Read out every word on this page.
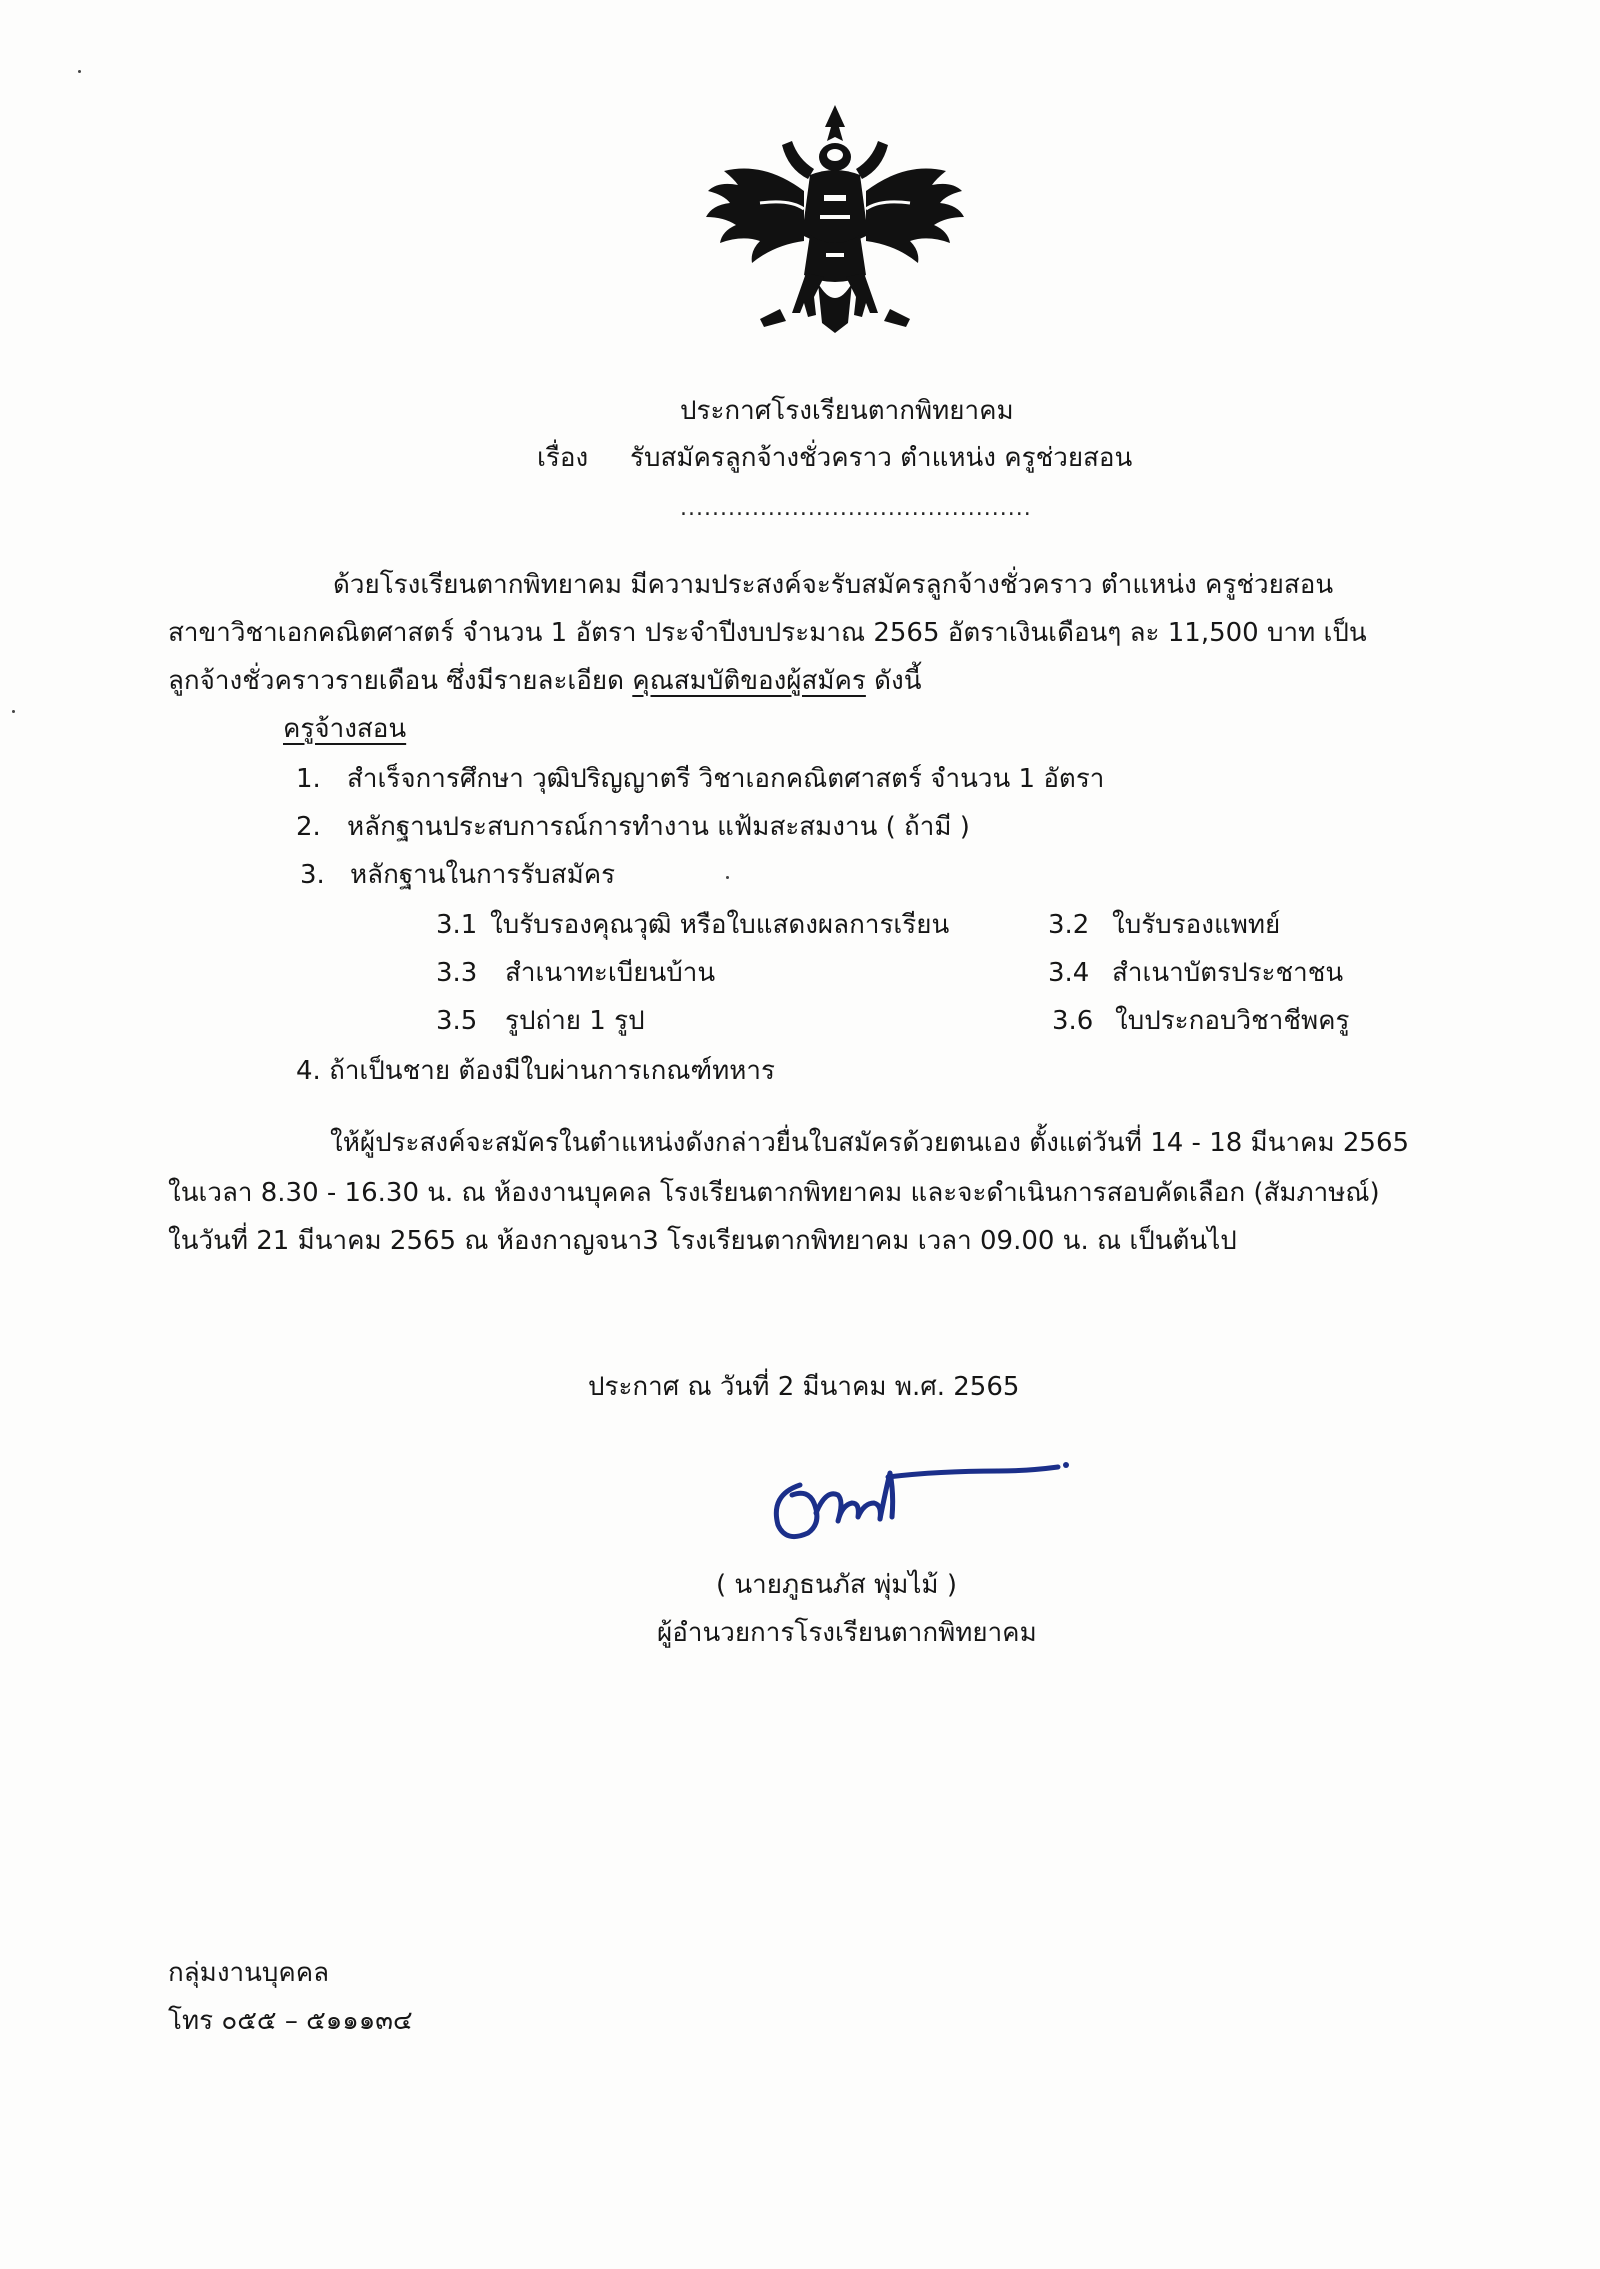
ประกาศโรงเรียนตากพิทยาคม
เรื่อง รับสมัครลูกจ้างชั่วคราว ตำแหน่ง ครูช่วยสอน
............................................
ด้วยโรงเรียนตากพิทยาคม มีความประสงค์จะรับสมัครลูกจ้างชั่วคราว ตำแหน่ง ครูช่วยสอน
สาขาวิชาเอกคณิตศาสตร์ จำนวน 1 อัตรา ประจำปีงบประมาณ 2565 อัตราเงินเดือนๆ ละ 11,500 บาท เป็น
ลูกจ้างชั่วคราวรายเดือน ซึ่งมีรายละเอียด คุณสมบัติของผู้สมัคร ดังนี้
ครูจ้างสอน
1. สำเร็จการศึกษา วุฒิปริญญาตรี วิชาเอกคณิตศาสตร์ จำนวน 1 อัตรา
2. หลักฐานประสบการณ์การทำงาน แฟ้มสะสมงาน ( ถ้ามี )
3. หลักฐานในการรับสมัคร
3.1 ใบรับรองคุณวุฒิ หรือใบแสดงผลการเรียน	3.2 ใบรับรองแพทย์
3.3 สำเนาทะเบียนบ้าน	3.4 สำเนาบัตรประชาชน
3.5 รูปถ่าย 1 รูป	3.6 ใบประกอบวิชาชีพครู
4. ถ้าเป็นชาย ต้องมีใบผ่านการเกณฑ์ทหาร
ให้ผู้ประสงค์จะสมัครในตำแหน่งดังกล่าวยื่นใบสมัครด้วยตนเอง ตั้งแต่วันที่ 14 - 18 มีนาคม 2565
ในเวลา 8.30 - 16.30 น. ณ ห้องงานบุคคล โรงเรียนตากพิทยาคม และจะดำเนินการสอบคัดเลือก (สัมภาษณ์)
ในวันที่ 21 มีนาคม 2565 ณ ห้องกาญจนา3 โรงเรียนตากพิทยาคม เวลา 09.00 น. ณ เป็นต้นไป
ประกาศ ณ วันที่ 2 มีนาคม พ.ศ. 2565
( นายภูธนภัส พุ่มไม้ )
ผู้อำนวยการโรงเรียนตากพิทยาคม
กลุ่มงานบุคคล
โทร ๐๕๕ – ๕๑๑๑๓๔
